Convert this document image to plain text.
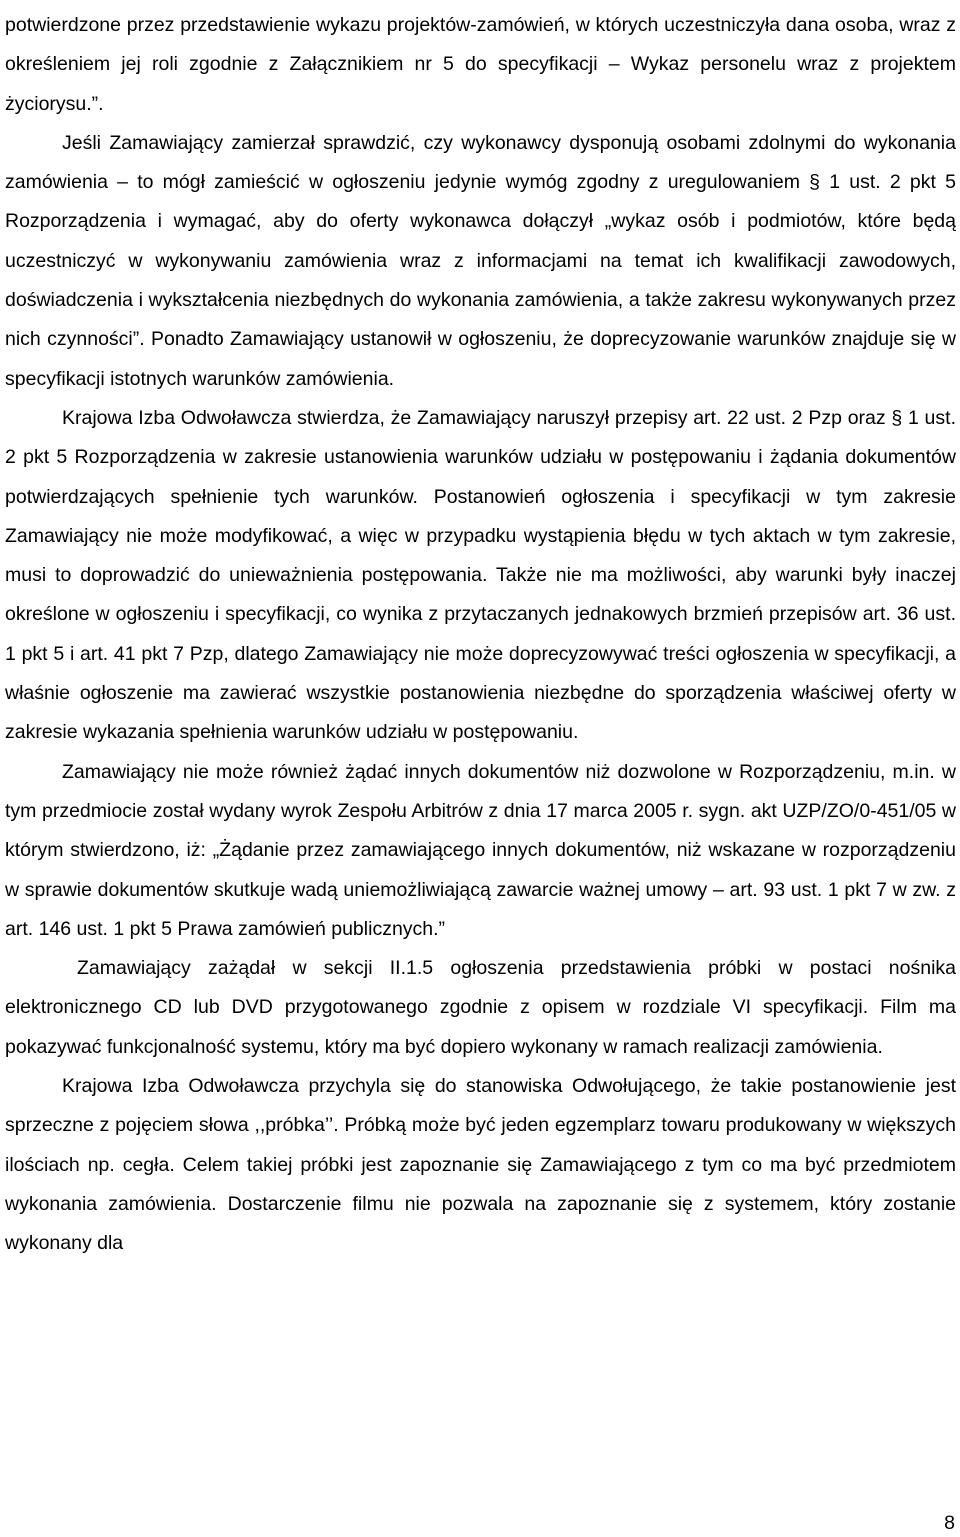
potwierdzone przez przedstawienie wykazu projektów-zamówień, w których uczestniczyła dana osoba, wraz z określeniem jej roli zgodnie z Załącznikiem nr 5 do specyfikacji – Wykaz personelu wraz z projektem życiorysu.”.

Jeśli Zamawiający zamierzał sprawdzić, czy wykonawcy dysponują osobami zdolnymi do wykonania zamówienia – to mógł zamieścić w ogłoszeniu jedynie wymóg zgodny z uregulowaniem § 1 ust. 2 pkt 5 Rozporządzenia i wymagać, aby do oferty wykonawca dołączył „wykaz osób i podmiotów, które będą uczestniczyć w wykonywaniu zamówienia wraz z informacjami na temat ich kwalifikacji zawodowych, doświadczenia i wykształcenia niezbędnych do wykonania zamówienia, a także zakresu wykonywanych przez nich czynności”. Ponadto Zamawiający ustanowił w ogłoszeniu, że doprecyzowanie warunków znajduje się w specyfikacji istotnych warunków zamówienia.

Krajowa Izba Odwoławcza stwierdza, że Zamawiający naruszył przepisy art. 22 ust. 2 Pzp oraz § 1 ust. 2 pkt 5 Rozporządzenia w zakresie ustanowienia warunków udziału w postępowaniu i żądania dokumentów potwierdzających spełnienie tych warunków. Postanowień ogłoszenia i specyfikacji w tym zakresie Zamawiający nie może modyfikować, a więc w przypadku wystąpienia błędu w tych aktach w tym zakresie, musi to doprowadzić do unieważnienia postępowania. Także nie ma możliwości, aby warunki były inaczej określone w ogłoszeniu i specyfikacji, co wynika z przytaczanych jednakowych brzmień przepisów art. 36 ust. 1 pkt 5 i art. 41 pkt 7 Pzp, dlatego Zamawiający nie może doprecyzowywać treści ogłoszenia w specyfikacji, a właśnie ogłoszenie ma zawierać wszystkie postanowienia niezbędne do sporządzenia właściwej oferty w zakresie wykazania spełnienia warunków udziału w postępowaniu.

Zamawiający nie może również żądać innych dokumentów niż dozwolone w Rozporządzeniu, m.in. w tym przedmiocie został wydany wyrok Zespołu Arbitrów z dnia 17 marca 2005 r. sygn. akt UZP/ZO/0-451/05 w którym stwierdzono, iż: „Żądanie przez zamawiającego innych dokumentów, niż wskazane w rozporządzeniu w sprawie dokumentów skutkuje wadą uniemożliwiającą zawarcie ważnej umowy – art. 93 ust. 1 pkt 7 w zw. z art. 146 ust. 1 pkt 5 Prawa zamówień publicznych.”

Zamawiający zażądał w sekcji II.1.5 ogłoszenia przedstawienia próbki w postaci nośnika elektronicznego CD lub DVD przygotowanego zgodnie z opisem w rozdziale VI specyfikacji. Film ma pokazywać funkcjonalność systemu, który ma być dopiero wykonany w ramach realizacji zamówienia.

Krajowa Izba Odwoławcza przychyla się do stanowiska Odwołującego, że takie postanowienie jest sprzeczne z pojęciem słowa ,,próbka’’. Próbką może być jeden egzemplarz towaru produkowany w większych ilościach np. cegła. Celem takiej próbki jest zapoznanie się Zamawiającego z tym co ma być przedmiotem wykonania zamówienia. Dostarczenie filmu nie pozwala na zapoznanie się z systemem, który zostanie wykonany dla

8
